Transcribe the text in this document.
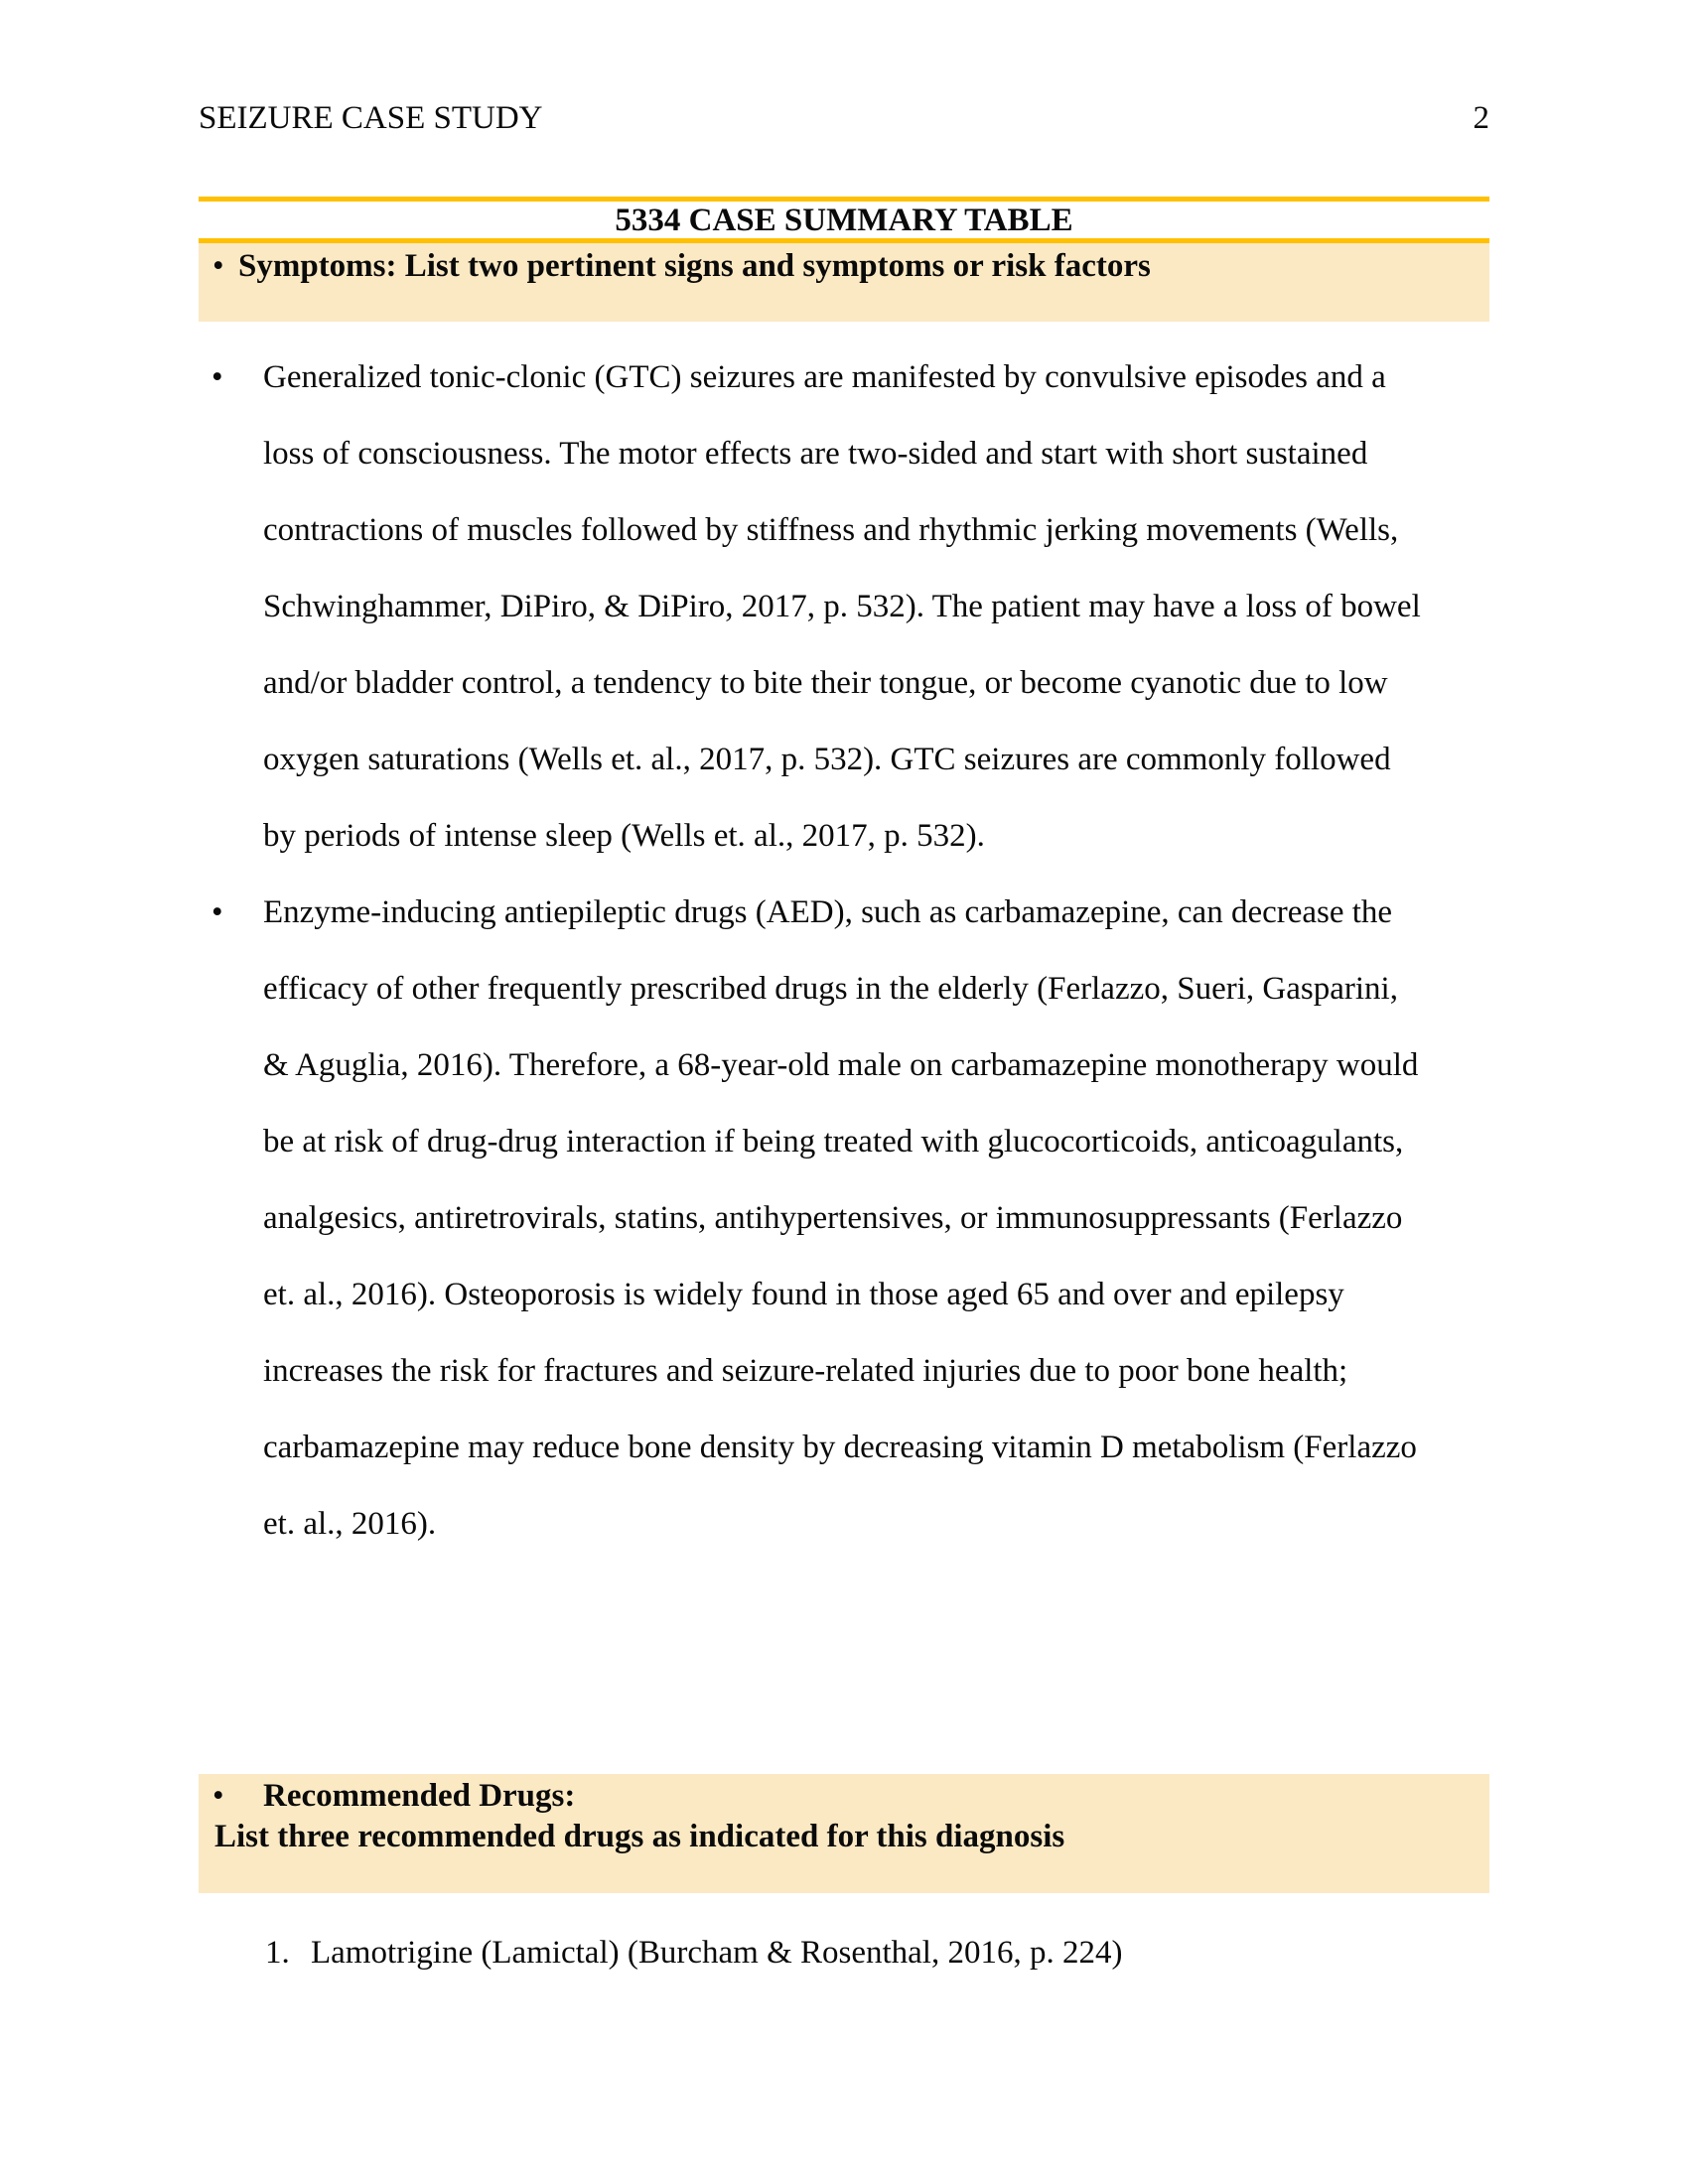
SEIZURE CASE STUDY	2
5334 CASE SUMMARY TABLE
• Symptoms: List two pertinent signs and symptoms or risk factors
•
•
Generalized tonic-clonic (GTC) seizures are manifested by convulsive episodes and a
loss of consciousness. The motor effects are two-sided and start with short sustained
contractions of muscles followed by stiffness and rhythmic jerking movements (Wells,
Schwinghammer, DiPiro, & DiPiro, 2017, p. 532). The patient may have a loss of bowel
and/or bladder control, a tendency to bite their tongue, or become cyanotic due to low
oxygen saturations (Wells et. al., 2017, p. 532). GTC seizures are commonly followed
by periods of intense sleep (Wells et. al., 2017, p. 532).
Enzyme-inducing antiepileptic drugs (AED), such as carbamazepine, can decrease the
efficacy of other frequently prescribed drugs in the elderly (Ferlazzo, Sueri, Gasparini,
& Aguglia, 2016). Therefore, a 68-year-old male on carbamazepine monotherapy would
be at risk of drug-drug interaction if being treated with glucocorticoids, anticoagulants,
analgesics, antiretrovirals, statins, antihypertensives, or immunosuppressants (Ferlazzo
et. al., 2016). Osteoporosis is widely found in those aged 65 and over and epilepsy
increases the risk for fractures and seizure-related injuries due to poor bone health;
carbamazepine may reduce bone density by decreasing vitamin D metabolism (Ferlazzo
et. al., 2016).
• Recommended Drugs:
List three recommended drugs as indicated for this diagnosis
1. Lamotrigine (Lamictal) (Burcham & Rosenthal, 2016, p. 224)
